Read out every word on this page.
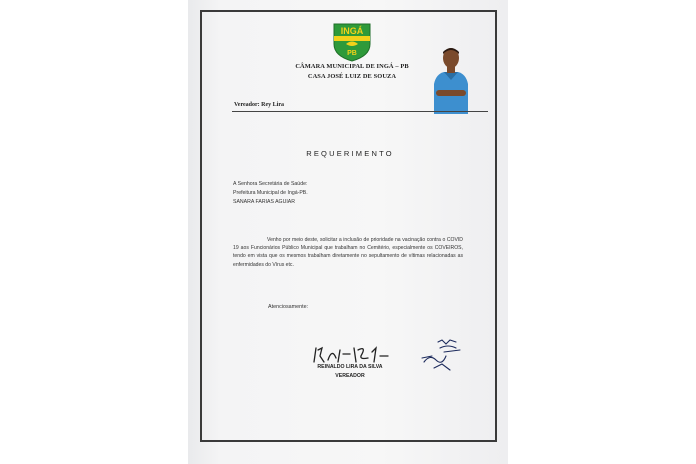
INGÁ
PB
CÂMARA MUNICIPAL DE INGÁ – PB
CASA JOSÉ LUIZ DE SOUZA
Vereador: Rey Lira
REQUERIMENTO
A Senhora Secretária de Saúde:
Prefeitura Municipal de Ingá-PB.
SANARA FARIAS AGUIAR

Venho por meio deste, solicitar a inclusão de prioridade na vacinação contra o COVID 19 aos Funcionários Público Municipal que trabalham no Cemitério, especialmente os COVEIROS, tendo em vista que os mesmos trabalham diretamente no sepultamento de vítimas relacionadas as enfermidades do Vírus etc.

Atenciosamente:
REINALDO LIRA DA SILVA
VEREADOR
